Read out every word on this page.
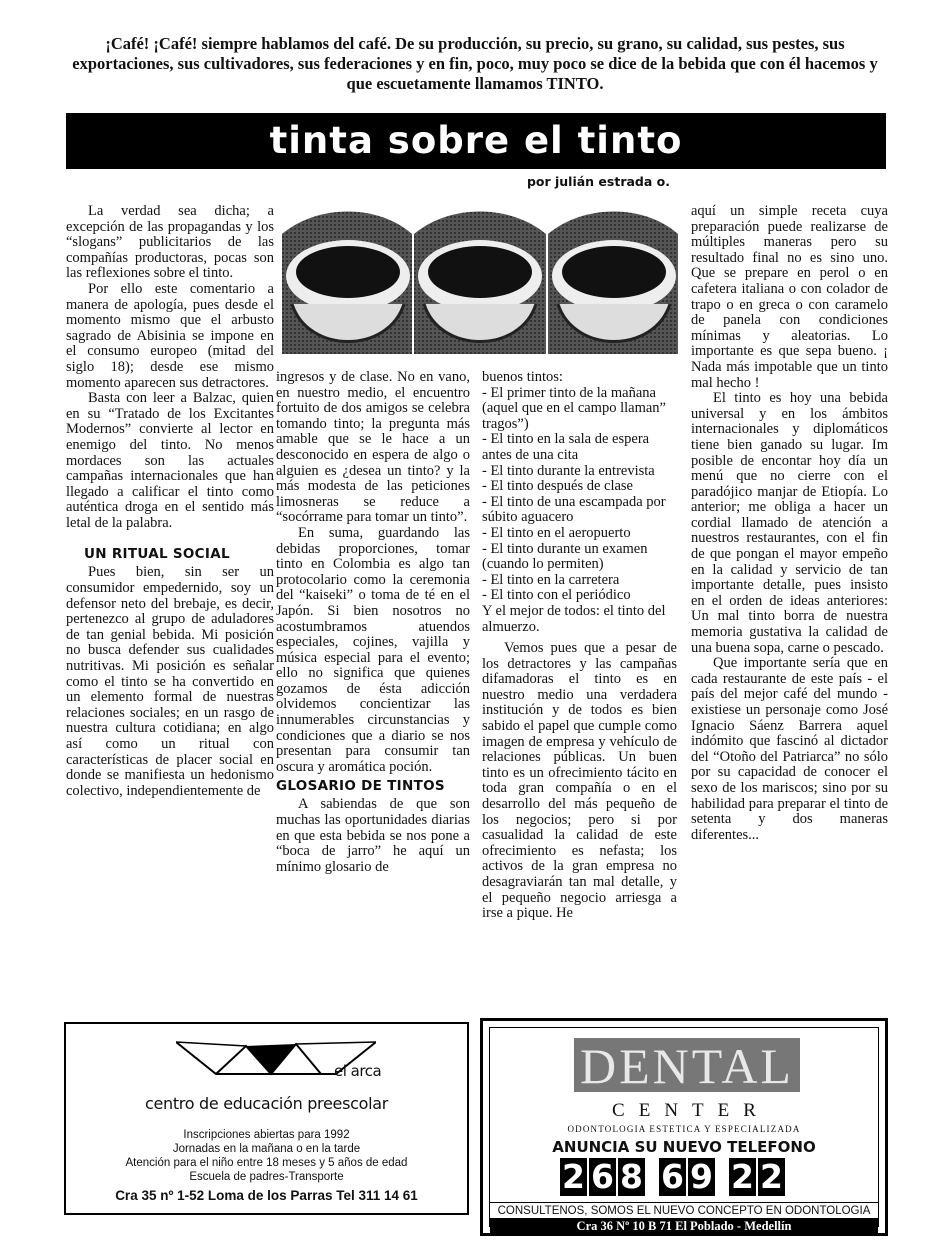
¡Café! ¡Café! siempre hablamos del café. De su producción, su precio, su grano, su calidad, sus pestes, sus exportaciones, sus cultivadores, sus federaciones y en fin, poco, muy poco se dice de la bebida que con él hacemos y que escuetamente llamamos TINTO.
tinta sobre el tinto
por julián estrada o.

La verdad sea dicha; a excepción de las propagandas y los “slogans” publicitarios de las compañías productoras, pocas son las reflexiones sobre el tinto.

Por ello este comentario a manera de apología, pues desde el momento mismo que el arbusto sagrado de Abisinia se impone en el consumo europeo (mitad del siglo 18); desde ese mismo momento aparecen sus detractores.

Basta con leer a Balzac, quien en su “Tratado de los Excitantes Modernos” convierte al lector en enemigo del tinto. No menos mordaces son las actuales campañas internacionales que han llegado a calificar el tinto como auténtica droga en el sentido más letal de la palabra.

UN RITUAL SOCIAL

Pues bien, sin ser un consumidor empedernido, soy un defensor neto del brebaje, es decir, pertenezco al grupo de aduladores de tan genial bebida. Mi posición no busca defender sus cualidades nutritivas. Mi posición es señalar como el tinto se ha convertido en un elemento formal de nuestras relaciones sociales; en un rasgo de nuestra cultura cotidiana; en algo así como un ritual con características de placer social en donde se manifiesta un hedonismo colectivo, independientemente de

ingresos y de clase. No en vano, en nuestro medio, el encuentro fortuito de dos amigos se celebra tomando tinto; la pregunta más amable que se le hace a un desconocido en espera de algo o alguien es ¿desea un tinto? y la más modesta de las peticiones limosneras se reduce a “socórrame para tomar un tinto”.

En suma, guardando las debidas proporciones, tomar tinto en Colombia es algo tan protocolario como la ceremonia del “kaiseki” o toma de té en el Japón. Si bien nosotros no acostumbramos atuendos especiales, cojines, vajilla y música especial para el evento; ello no significa que quienes gozamos de ésta adicción olvidemos concientizar las innumerables circunstancias y condiciones que a diario se nos presentan para consumir tan oscura y aromática poción.

GLOSARIO DE TINTOS

A sabiendas de que son muchas las oportunidades diarias en que esta bebida se nos pone a “boca de jarro” he aquí un mínimo glosario de

buenos tintos:

- El primer tinto de la mañana (aquel que en el campo llaman” tragos”)

- El tinto en la sala de espera antes de una cita

- El tinto durante la entrevista

- El tinto después de clase

- El tinto de una escampada por súbito aguacero

- El tinto en el aeropuerto

- El tinto durante un examen (cuando lo permiten)

- El tinto en la carretera

- El tinto con el periódico

Y el mejor de todos: el tinto del almuerzo.

Vemos pues que a pesar de los detractores y las campañas difamadoras el tinto es en nuestro medio una verdadera institución y de todos es bien sabido el papel que cumple como imagen de empresa y vehículo de relaciones públicas. Un buen tinto es un ofrecimiento tácito en toda gran compañía o en el desarrollo del más pequeño de los negocios; pero si por casualidad la calidad de este ofrecimiento es nefasta; los activos de la gran empresa no desagraviarán tan mal detalle, y el pequeño negocio arriesga a irse a pique. He

aquí un simple receta cuya preparación puede realizarse de múltiples maneras pero su resultado final no es sino uno. Que se prepare en perol o en cafetera italiana o con colador de trapo o en greca o con caramelo de panela con condiciones mínimas y aleatorias. Lo importante es que sepa bueno. ¡ Nada más impotable que un tinto mal hecho !

El tinto es hoy una bebida universal y en los ámbitos internacionales y diplomáticos tiene bien ganado su lugar. Im posible de encontar hoy día un menú que no cierre con el paradójico manjar de Etiopía. Lo anterior; me obliga a hacer un cordial llamado de atención a nuestros restaurantes, con el fin de que pongan el mayor empeño en la calidad y servicio de tan importante detalle, pues insisto en el orden de ideas anteriores: Un mal tinto borra de nuestra memoria gustativa la calidad de una buena sopa, carne o pescado.

Que importante sería que en cada restaurante de este país - el país del mejor café del mundo - existiese un personaje como José Ignacio Sáenz Barrera aquel indómito que fascinó al dictador del “Otoño del Patriarca” no sólo por su capacidad de conocer el sexo de los mariscos; sino por su habilidad para preparar el tinto de setenta y dos maneras diferentes...

el arca
centro de educación preescolar
Inscripciones abiertas para 1992
Jornadas en la mañana o en la tarde
Atención para el niño entre 18 meses y 5 años de edad
Escuela de padres-Transporte
Cra 35 nº 1-52 Loma de los Parras Tel 311 14 61
DENTAL
CENTER
ODONTOLOGIA ESTETICA Y ESPECIALIZADA
ANUNCIA SU NUEVO TELEFONO
2 6 8 6 9 2 2
CONSULTENOS, SOMOS EL NUEVO CONCEPTO EN ODONTOLOGIA
Cra 36 Nº 10 B 71 El Poblado - Medellín
